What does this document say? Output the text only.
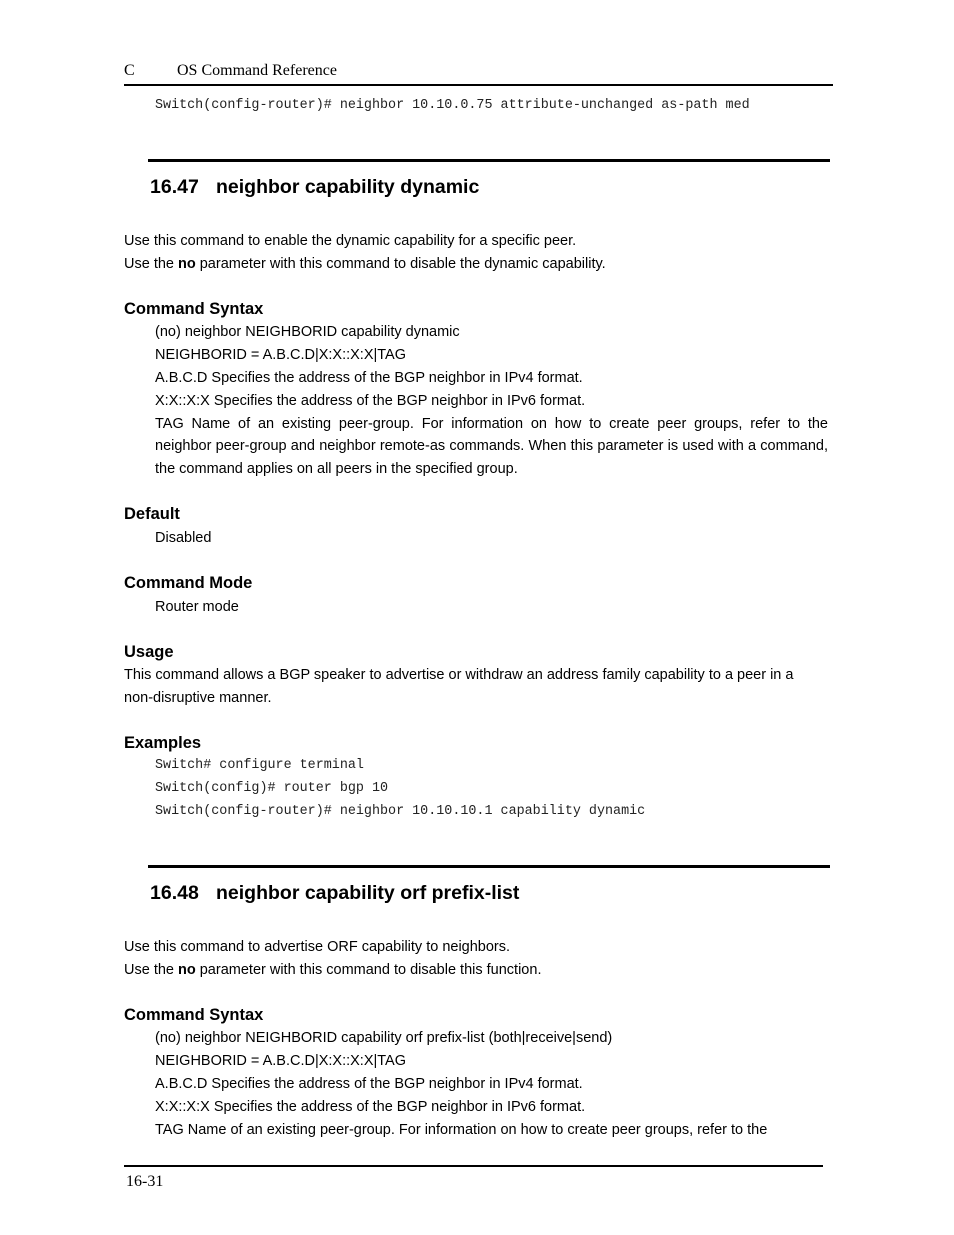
C	OS Command Reference
Switch(config-router)# neighbor 10.10.0.75 attribute-unchanged as-path med
16.47 neighbor capability dynamic
Use this command to enable the dynamic capability for a specific peer.
Use the no parameter with this command to disable the dynamic capability.
Command Syntax
(no) neighbor NEIGHBORID capability dynamic
NEIGHBORID = A.B.C.D|X:X::X:X|TAG
A.B.C.D Specifies the address of the BGP neighbor in IPv4 format.
X:X::X:X Specifies the address of the BGP neighbor in IPv6 format.
TAG Name of an existing peer-group. For information on how to create peer groups, refer to the
neighbor peer-group and neighbor remote-as commands. When this parameter is used with a command,
the command applies on all peers in the specified group.
Default
Disabled
Command Mode
Router mode
Usage
This command allows a BGP speaker to advertise or withdraw an address family capability to a peer in a
non-disruptive manner.
Examples
Switch# configure terminal
Switch(config)# router bgp 10
Switch(config-router)# neighbor 10.10.10.1 capability dynamic
16.48 neighbor capability orf prefix-list
Use this command to advertise ORF capability to neighbors.
Use the no parameter with this command to disable this function.
Command Syntax
(no) neighbor NEIGHBORID capability orf prefix-list (both|receive|send)
NEIGHBORID = A.B.C.D|X:X::X:X|TAG
A.B.C.D Specifies the address of the BGP neighbor in IPv4 format.
X:X::X:X Specifies the address of the BGP neighbor in IPv6 format.
TAG Name of an existing peer-group. For information on how to create peer groups, refer to the
16-31
